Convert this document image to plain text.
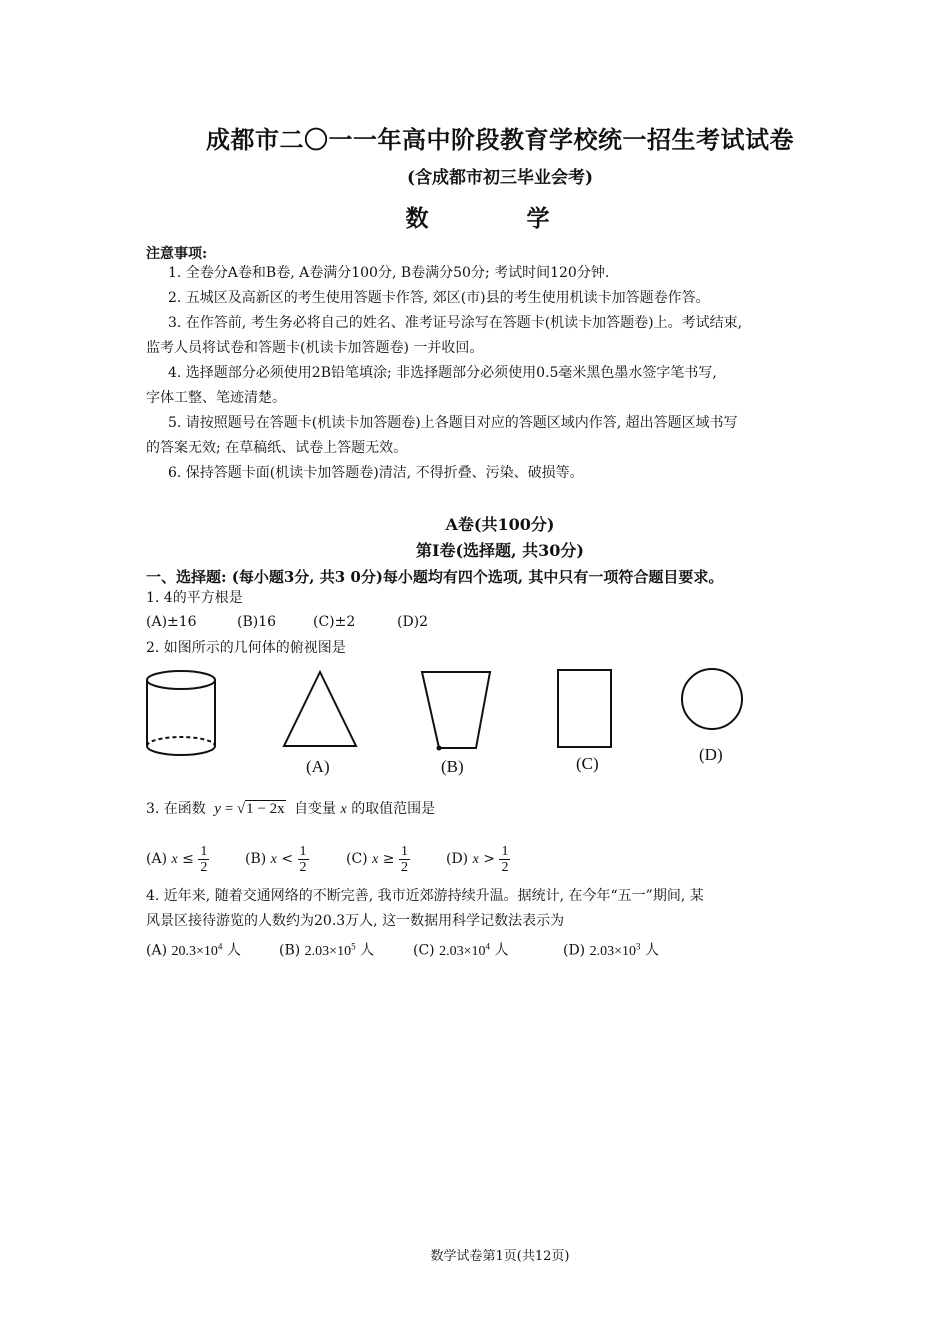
成都市二〇一一年高中阶段教育学校统一招生考试试卷
(含成都市初三毕业会考)
数 学
注意事项:
1. 全卷分A卷和B卷, A卷满分100分, B卷满分50分; 考试时间120分钟.
2. 五城区及高新区的考生使用答题卡作答, 郊区(市)县的考生使用机读卡加答题卷作答。
3. 在作答前, 考生务必将自己的姓名、准考证号涂写在答题卡(机读卡加答题卷)上。考试结束,
监考人员将试卷和答题卡(机读卡加答题卷) 一并收回。
4. 选择题部分必须使用2B铅笔填涂; 非选择题部分必须使用0.5毫米黑色墨水签字笔书写,
字体工整、笔迹清楚。
5. 请按照题号在答题卡(机读卡加答题卷)上各题目对应的答题区域内作答, 超出答题区域书写
的答案无效; 在草稿纸、试卷上答题无效。
6. 保持答题卡面(机读卡加答题卷)清洁, 不得折叠、污染、破损等。
A卷(共100分)
第Ⅰ卷(选择题, 共30分)
一、选择题: (每小题3分, 共3 0分)每小题均有四个选项, 其中只有一项符合题目要求。
1. 4的平方根是
(A)±16	(B)16	(C)±2	(D)2
2. 如图所示的几何体的俯视图是
(A)	(B)	(C)	(D)
3. 在函数 y = √1 − 2x 自变量 x 的取值范围是
(A) $x \le \frac{1}{2}$	(B) $x < \frac{1}{2}$	(C) $x \ge \frac{1}{2}$	(D) $x > \frac{1}{2}$
4. 近年来, 随着交通网络的不断完善, 我市近郊游持续升温。据统计, 在今年“五一”期间, 某
风景区接待游览的人数约为20.3万人, 这一数据用科学记数法表示为
(A) $20.3\times 10^4$ 人	(B) $2.03\times 10^5$ 人	(C) $2.03\times 10^4$ 人	(D) $2.03\times 10^3$ 人
数学试卷第1页(共12页)
